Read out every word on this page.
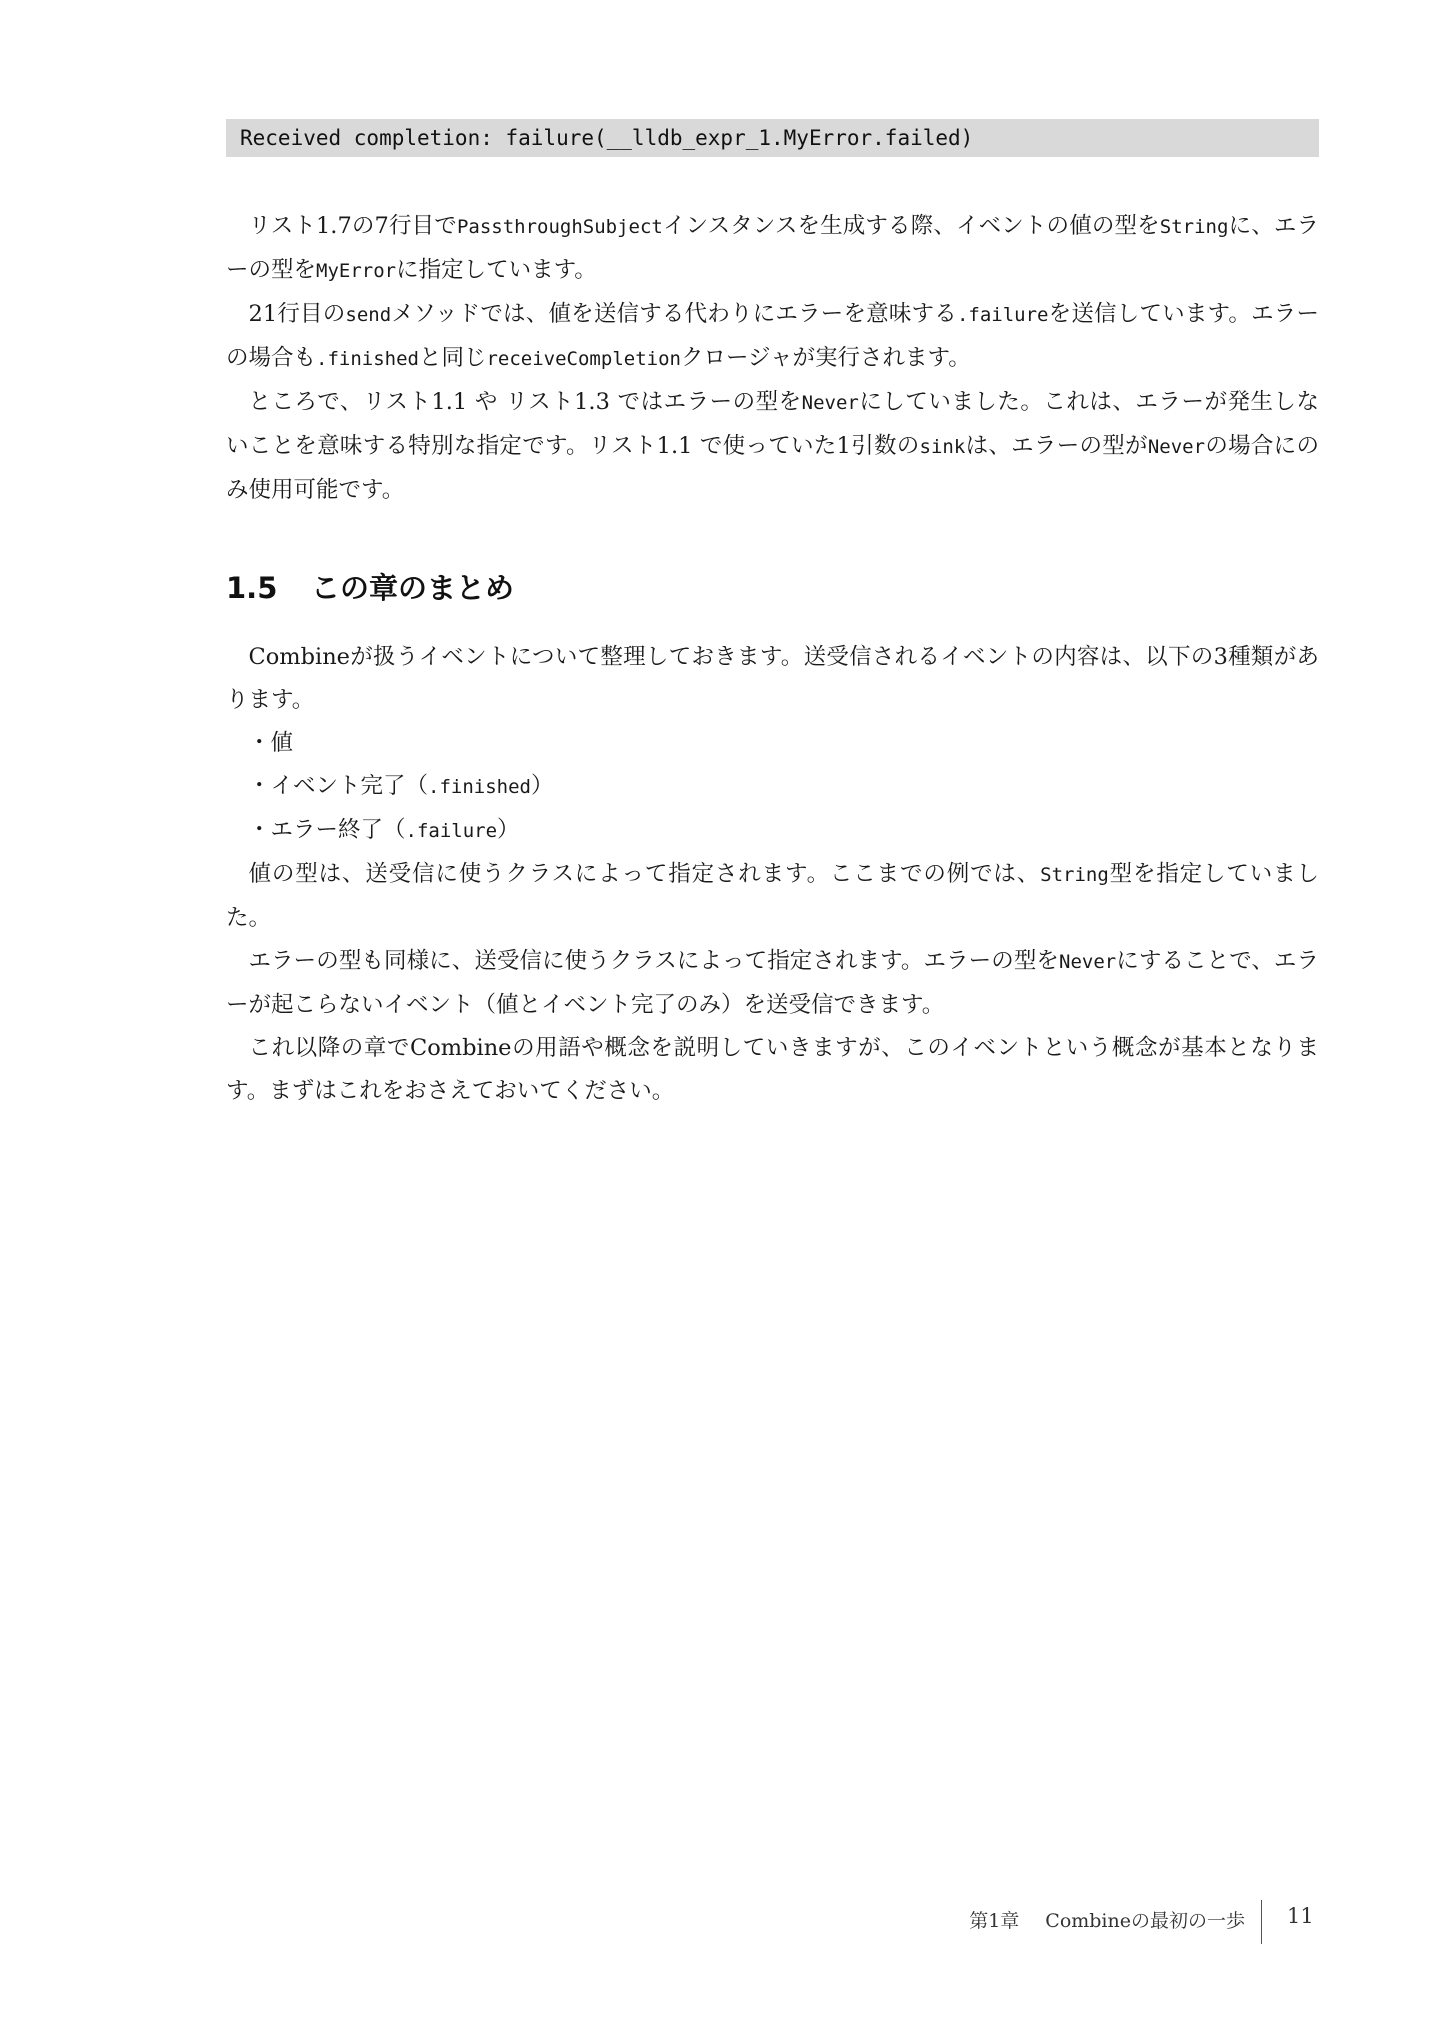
Received completion: failure(__lldb_expr_1.MyError.failed)

リスト1.7の7行目でPassthroughSubjectインスタンスを生成する際、イベントの値の型をStringに、エラーの型をMyErrorに指定しています。

21行目のsendメソッドでは、値を送信する代わりにエラーを意味する.failureを送信しています。エラーの場合も.finishedと同じreceiveCompletionクロージャが実行されます。

ところで、リスト1.1 や リスト1.3 ではエラーの型をNeverにしていました。これは、エラーが発生しないことを意味する特別な指定です。リスト1.1 で使っていた1引数のsinkは、エラーの型がNeverの場合にのみ使用可能です。

1.5 この章のまとめ

Combineが扱うイベントについて整理しておきます。送受信されるイベントの内容は、以下の3種類があります。

・値

・イベント完了（.finished）

・エラー終了（.failure）

値の型は、送受信に使うクラスによって指定されます。ここまでの例では、String型を指定していました。

エラーの型も同様に、送受信に使うクラスによって指定されます。エラーの型をNeverにすることで、エラーが起こらないイベント（値とイベント完了のみ）を送受信できます。

これ以降の章でCombineの用語や概念を説明していきますが、このイベントという概念が基本となります。まずはこれをおさえておいてください。

第1章 Combineの最初の一歩 11
